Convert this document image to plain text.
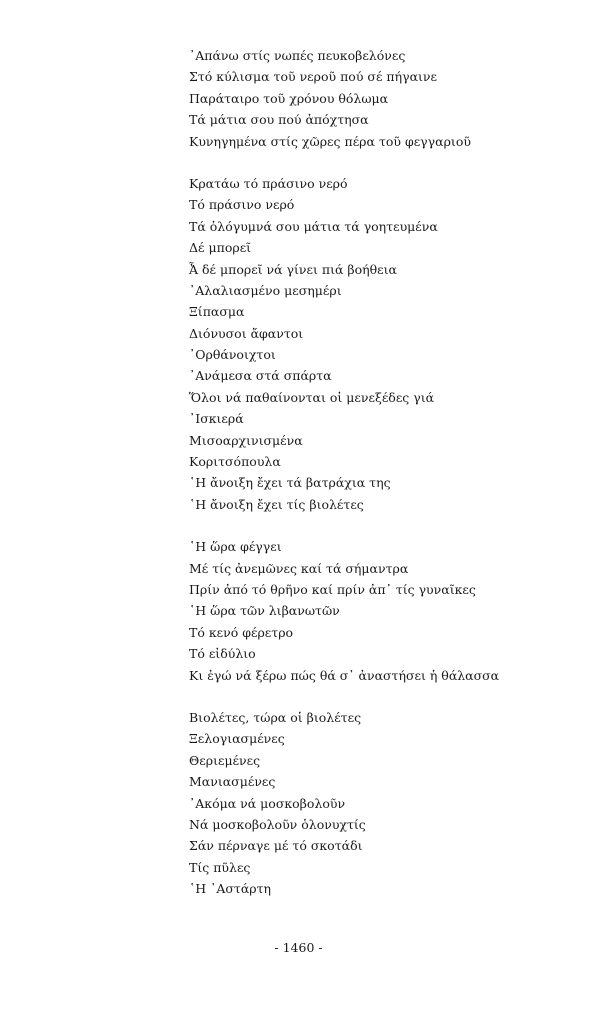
᾿Απάνω στίς νωπές πευκοβελόνες
Στό κύλισμα τοῦ νεροῦ πού σέ πήγαινε
Παράταιρο τοῦ χρόνου θόλωμα
Τά μάτια σου πού ἀπόχτησα
Κυνηγημένα στίς χῶρες πέρα τοῦ φεγγαριοῦ
Κρατάω τό πράσινο νερό
Τό πράσινο νερό
Τά ὁλόγυμνά σου μάτια τά γοητευμένα
Δέ μπορεῖ
Ἆ δέ μπορεῖ νά γίνει πιά βοήθεια
᾿Αλαλιασμένο μεσημέρι
Ξίπασμα
Διόνυσοι ἄφαντοι
᾿Ορθάνοιχτοι
᾿Ανάμεσα στά σπάρτα
Ὅλοι νά παθαίνονται οἱ μενεξέδες γιά
᾿Ισκιερά
Μισοαρχινισμένα
Κοριτσόπουλα
῾Η ἄνοιξη ἔχει τά βατράχια της
῾Η ἄνοιξη ἔχει τίς βιολέτες
῾Η ὥρα φέγγει
Μέ τίς ἀνεμῶνες καί τά σήμαντρα
Πρίν ἀπό τό θρῆνο καί πρίν ἀπ᾿ τίς γυναῖκες
῾Η ὥρα τῶν λιβανωτῶν
Τό κενό φέρετρο
Τό εἰδύλιο
Κι ἐγώ νά ξέρω πώς θά σ᾿ ἀναστήσει ἡ θάλασσα
Βιολέτες, τώρα οἱ βιολέτες
Ξελογιασμένες
Θεριεμένες
Μανιασμένες
᾿Ακόμα νά μοσκοβολοῦν
Νά μοσκοβολοῦν ὁλονυχτίς
Σάν πέρναγε μέ τό σκοτάδι
Τίς πῦλες
῾Η ᾿Αστάρτη
- 1460 -
